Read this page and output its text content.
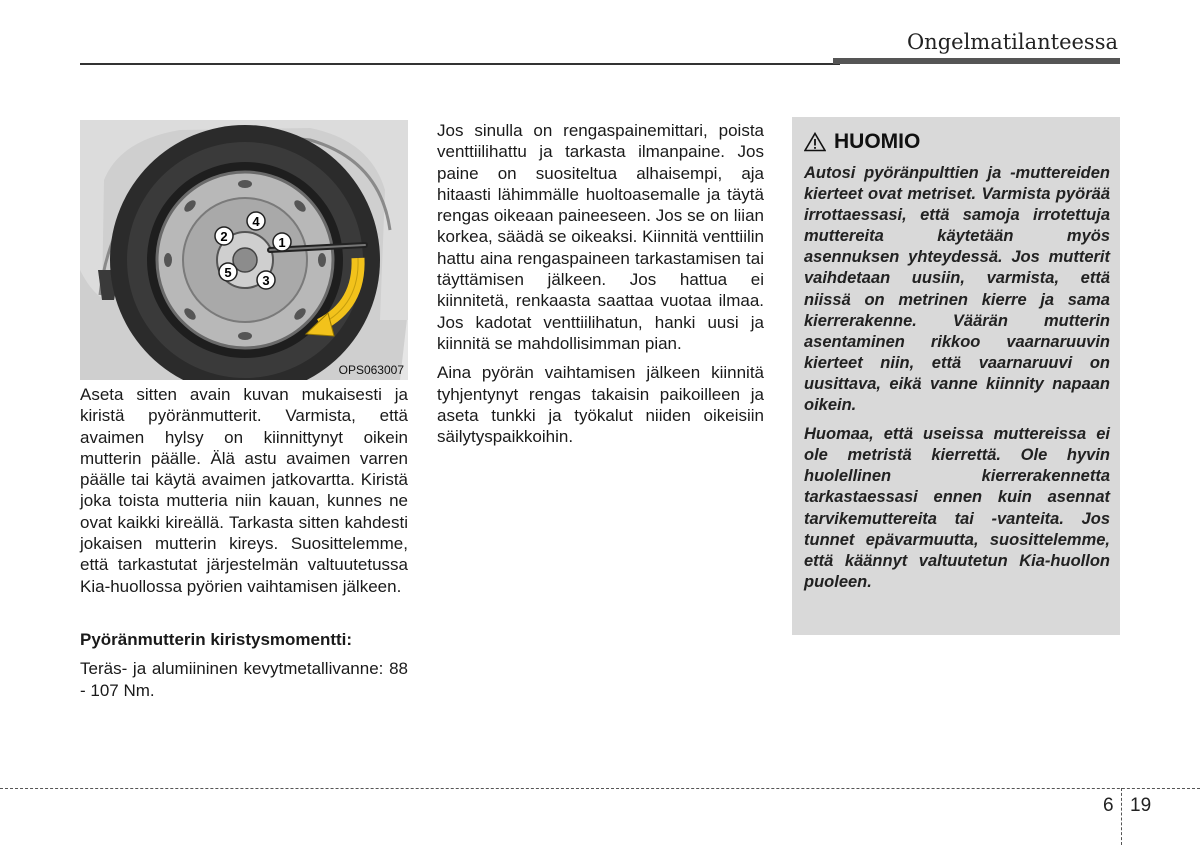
Ongelmatilanteessa
1
2
3
4
5
OPS063007

Aseta sitten avain kuvan mukaisesti ja kiristä pyöränmutterit. Varmista, että avaimen hylsy on kiinnittynyt oikein mutterin päälle. Älä astu avaimen varren päälle tai käytä avaimen jatkovartta. Kiristä joka toista mutteria niin kauan, kunnes ne ovat kaikki kireällä. Tarkasta sitten kahdesti jokaisen mutterin kireys. Suosittelemme, että tarkastutat järjestelmän valtuutetussa Kia-huollossa pyörien vaihtamisen jälkeen.

Pyöränmutterin kiristysmomentti:

Teräs- ja alumiininen kevytmetallivanne: 88 - 107 Nm.

Jos sinulla on rengaspainemittari, poista venttiilihattu ja tarkasta ilmanpaine. Jos paine on suositeltua alhaisempi, aja hitaasti lähimmälle huoltoasemalle ja täytä rengas oikeaan paineeseen. Jos se on liian korkea, säädä se oikeaksi. Kiinnitä venttiilin hattu aina rengaspaineen tarkastamisen tai täyttämisen jälkeen. Jos hattua ei kiinnitetä, renkaasta saattaa vuotaa ilmaa. Jos kadotat venttiilihatun, hanki uusi ja kiinnitä se mahdollisimman pian.

Aina pyörän vaihtamisen jälkeen kiinnitä tyhjentynyt rengas takaisin paikoilleen ja aseta tunkki ja työkalut niiden oikeisiin säilytyspaikkoihin.

HUOMIO

Autosi pyöränpulttien ja -muttereiden kierteet ovat metriset. Varmista pyörää irrottaessasi, että samoja irrotettuja muttereita käytetään myös asennuksen yhteydessä. Jos mutterit vaihdetaan uusiin, varmista, että niissä on metrinen kierre ja sama kierrerakenne. Väärän mutterin asentaminen rikkoo vaarnaruuvin kierteet niin, että vaarnaruuvi on uusittava, eikä vanne kiinnity napaan oikein.

Huomaa, että useissa muttereissa ei ole metristä kierrettä. Ole hyvin huolellinen kierrerakennetta tarkastaessasi ennen kuin asennat tarvikemuttereita tai -vanteita. Jos tunnet epävarmuutta, suosittelemme, että käännyt valtuutetun Kia-huollon puoleen.

6 19
